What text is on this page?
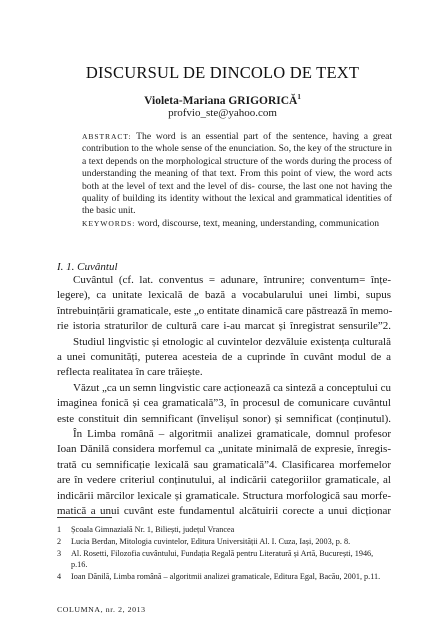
DISCURSUL DE DINCOLO DE TEXT
Violeta-Mariana GRIGORICĂ$^1$
profvio_ste@yahoo.com
ABSTRACT: The word is an essential part of the sentence, having a great contribution to the whole sense of the enunciation. So, the key of the structure in a text depends on the morphological structure of the words during the process of understanding the meaning of that text. From this point of view, the word acts both at the level of text and the level of dis- course, the last one not having the quality of building its identity without the lexical and grammatical identities of the basic unit.
KEYWORDS: word, discourse, text, meaning, understanding, communication
I. 1. Cuvântul
Cuvântul (cf. lat. conventus = adunare, întrunire; conventum= înțe-
legere), ca unitate lexicală de bază a vocabularului unei limbi, supus
întrebuințării gramaticale, este „o entitate dinamică care păstrează în memo-
rie istoria straturilor de cultură care i-au marcat și înregistrat sensurile”2.
Studiul lingvistic și etnologic al cuvintelor dezvăluie existența culturală
a unei comunități, puterea acesteia de a cuprinde în cuvânt modul de a
reflecta realitatea în care trăiește.
Văzut „ca un semn lingvistic care acționează ca sinteză a conceptului cu
imaginea fonică și cea gramaticală”3, în procesul de comunicare cuvântul
este constituit din semnificant (învelișul sonor) și semnificat (conținutul).
În Limba română – algoritmii analizei gramaticale, domnul profesor
Ioan Dănilă considera morfemul ca „unitate minimală de expresie, înregis-
trată cu semnificație lexicală sau gramaticală”4. Clasificarea morfemelor
are în vedere criteriul conținutului, al indicării categoriilor gramaticale, al
indicării mărcilor lexicale și gramaticale. Structura morfologică sau morfe-
matică a unui cuvânt este fundamentul alcătuirii corecte a unui dicționar
1 Școala Gimnazială Nr. 1, Biliești, județul Vrancea
2 Lucia Berdan, Mitologia cuvintelor, Editura Universității Al. I. Cuza, Iași, 2003, p. 8.
3 Al. Rosetti, Filozofia cuvântului, Fundația Regală pentru Literatură și Artă, București, 1946, p.16.
4 Ioan Dănilă, Limba română – algoritmii analizei gramaticale, Editura Egal, Bacău, 2001, p.11.
COLUMNA, nr. 2, 2013
